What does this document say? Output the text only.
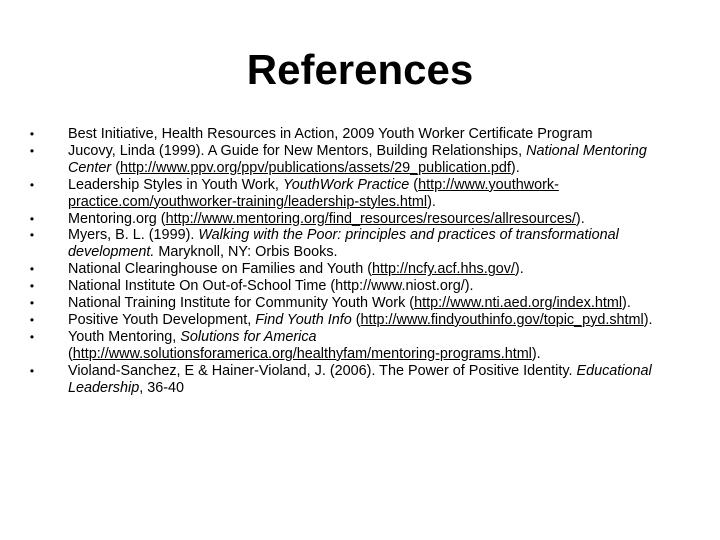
References
•	Best Initiative, Health Resources in Action, 2009 Youth Worker Certificate Program
•	Jucovy, Linda (1999). A Guide for New Mentors, Building Relationships, National Mentoring Center (http://www.ppv.org/ppv/publications/assets/29_publication.pdf).
•	Leadership Styles in Youth Work, YouthWork Practice (http://www.youthwork-practice.com/youthworker-training/leadership-styles.html).
•	Mentoring.org (http://www.mentoring.org/find_resources/resources/allresources/).
•	Myers, B. L. (1999). Walking with the Poor: principles and practices of transformational development. Maryknoll, NY: Orbis Books.
•	National Clearinghouse on Families and Youth (http://ncfy.acf.hhs.gov/).
•	National Institute On Out-of-School Time (http://www.niost.org/).
•	National Training Institute for Community Youth Work (http://www.nti.aed.org/index.html).
•	Positive Youth Development, Find Youth Info (http://www.findyouthinfo.gov/topic_pyd.shtml).
•	Youth Mentoring, Solutions for America (http://www.solutionsforamerica.org/healthyfam/mentoring-programs.html).
•	Violand-Sanchez, E & Hainer-Violand, J. (2006). The Power of Positive Identity. Educational Leadership, 36-40
